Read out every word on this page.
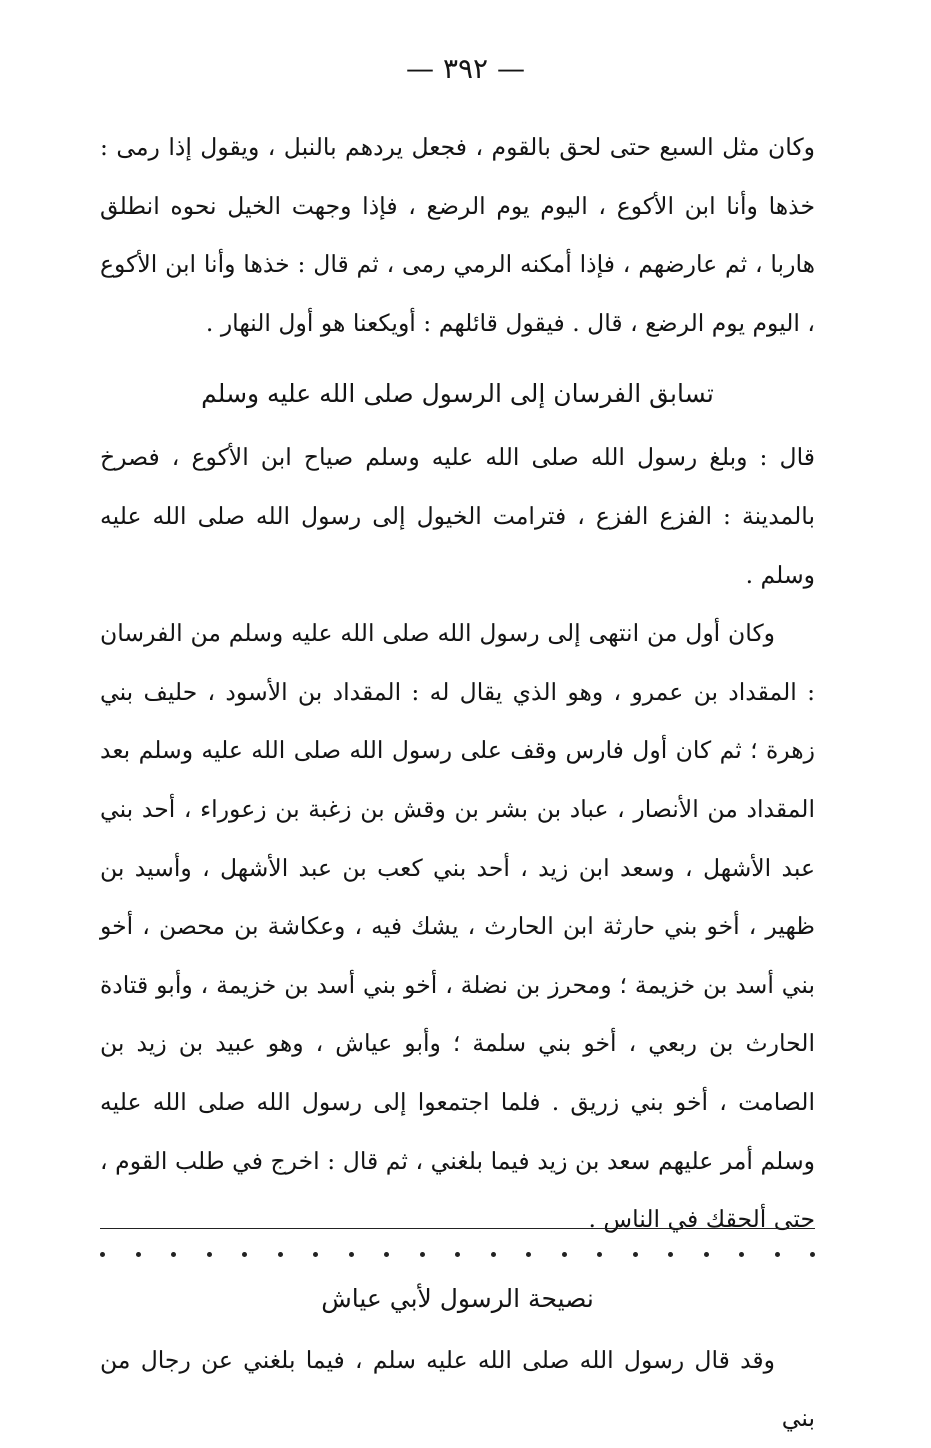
— ٣٩٢ —

وكان مثل السبع حتى لحق بالقوم ، فجعل يردهم بالنبل ، ويقول إذا رمى : خذها وأنا ابن الأكوع ، اليوم يوم الرضع ، فإذا وجهت الخيل نحوه انطلق هاربا ، ثم عارضهم ، فإذا أمكنه الرمي رمى ، ثم قال : خذها وأنا ابن الأكوع ، اليوم يوم الرضع ، قال . فيقول قائلهم : أويكعنا هو أول النهار .

تسابق الفرسان إلى الرسول صلى الله عليه وسلم

قال : وبلغ رسول الله صلى الله عليه وسلم صياح ابن الأكوع ، فصرخ بالمدينة : الفزع الفزع ، فترامت الخيول إلى رسول الله صلى الله عليه وسلم .

وكان أول من انتهى إلى رسول الله صلى الله عليه وسلم من الفرسان : المقداد بن عمرو ، وهو الذي يقال له : المقداد بن الأسود ، حليف بني زهرة ؛ ثم كان أول فارس وقف على رسول الله صلى الله عليه وسلم بعد المقداد من الأنصار ، عباد بن بشر بن وقش بن زغبة بن زعوراء ، أحد بني عبد الأشهل ، وسعد ابن زيد ، أحد بني كعب بن عبد الأشهل ، وأسيد بن ظهير ، أخو بني حارثة ابن الحارث ، يشك فيه ، وعكاشة بن محصن ، أخو بني أسد بن خزيمة ؛ ومحرز بن نضلة ، أخو بني أسد بن خزيمة ، وأبو قتادة الحارث بن ربعي ، أخو بني سلمة ؛ وأبو عياش ، وهو عبيد بن زيد بن الصامت ، أخو بني زريق . فلما اجتمعوا إلى رسول الله صلى الله عليه وسلم أمر عليهم سعد بن زيد فيما بلغني ، ثم قال : اخرج في طلب القوم ، حتى ألحقك في الناس .

نصيحة الرسول لأبي عياش

وقد قال رسول الله صلى الله عليه سلم ، فيما بلغني عن رجال من بني
